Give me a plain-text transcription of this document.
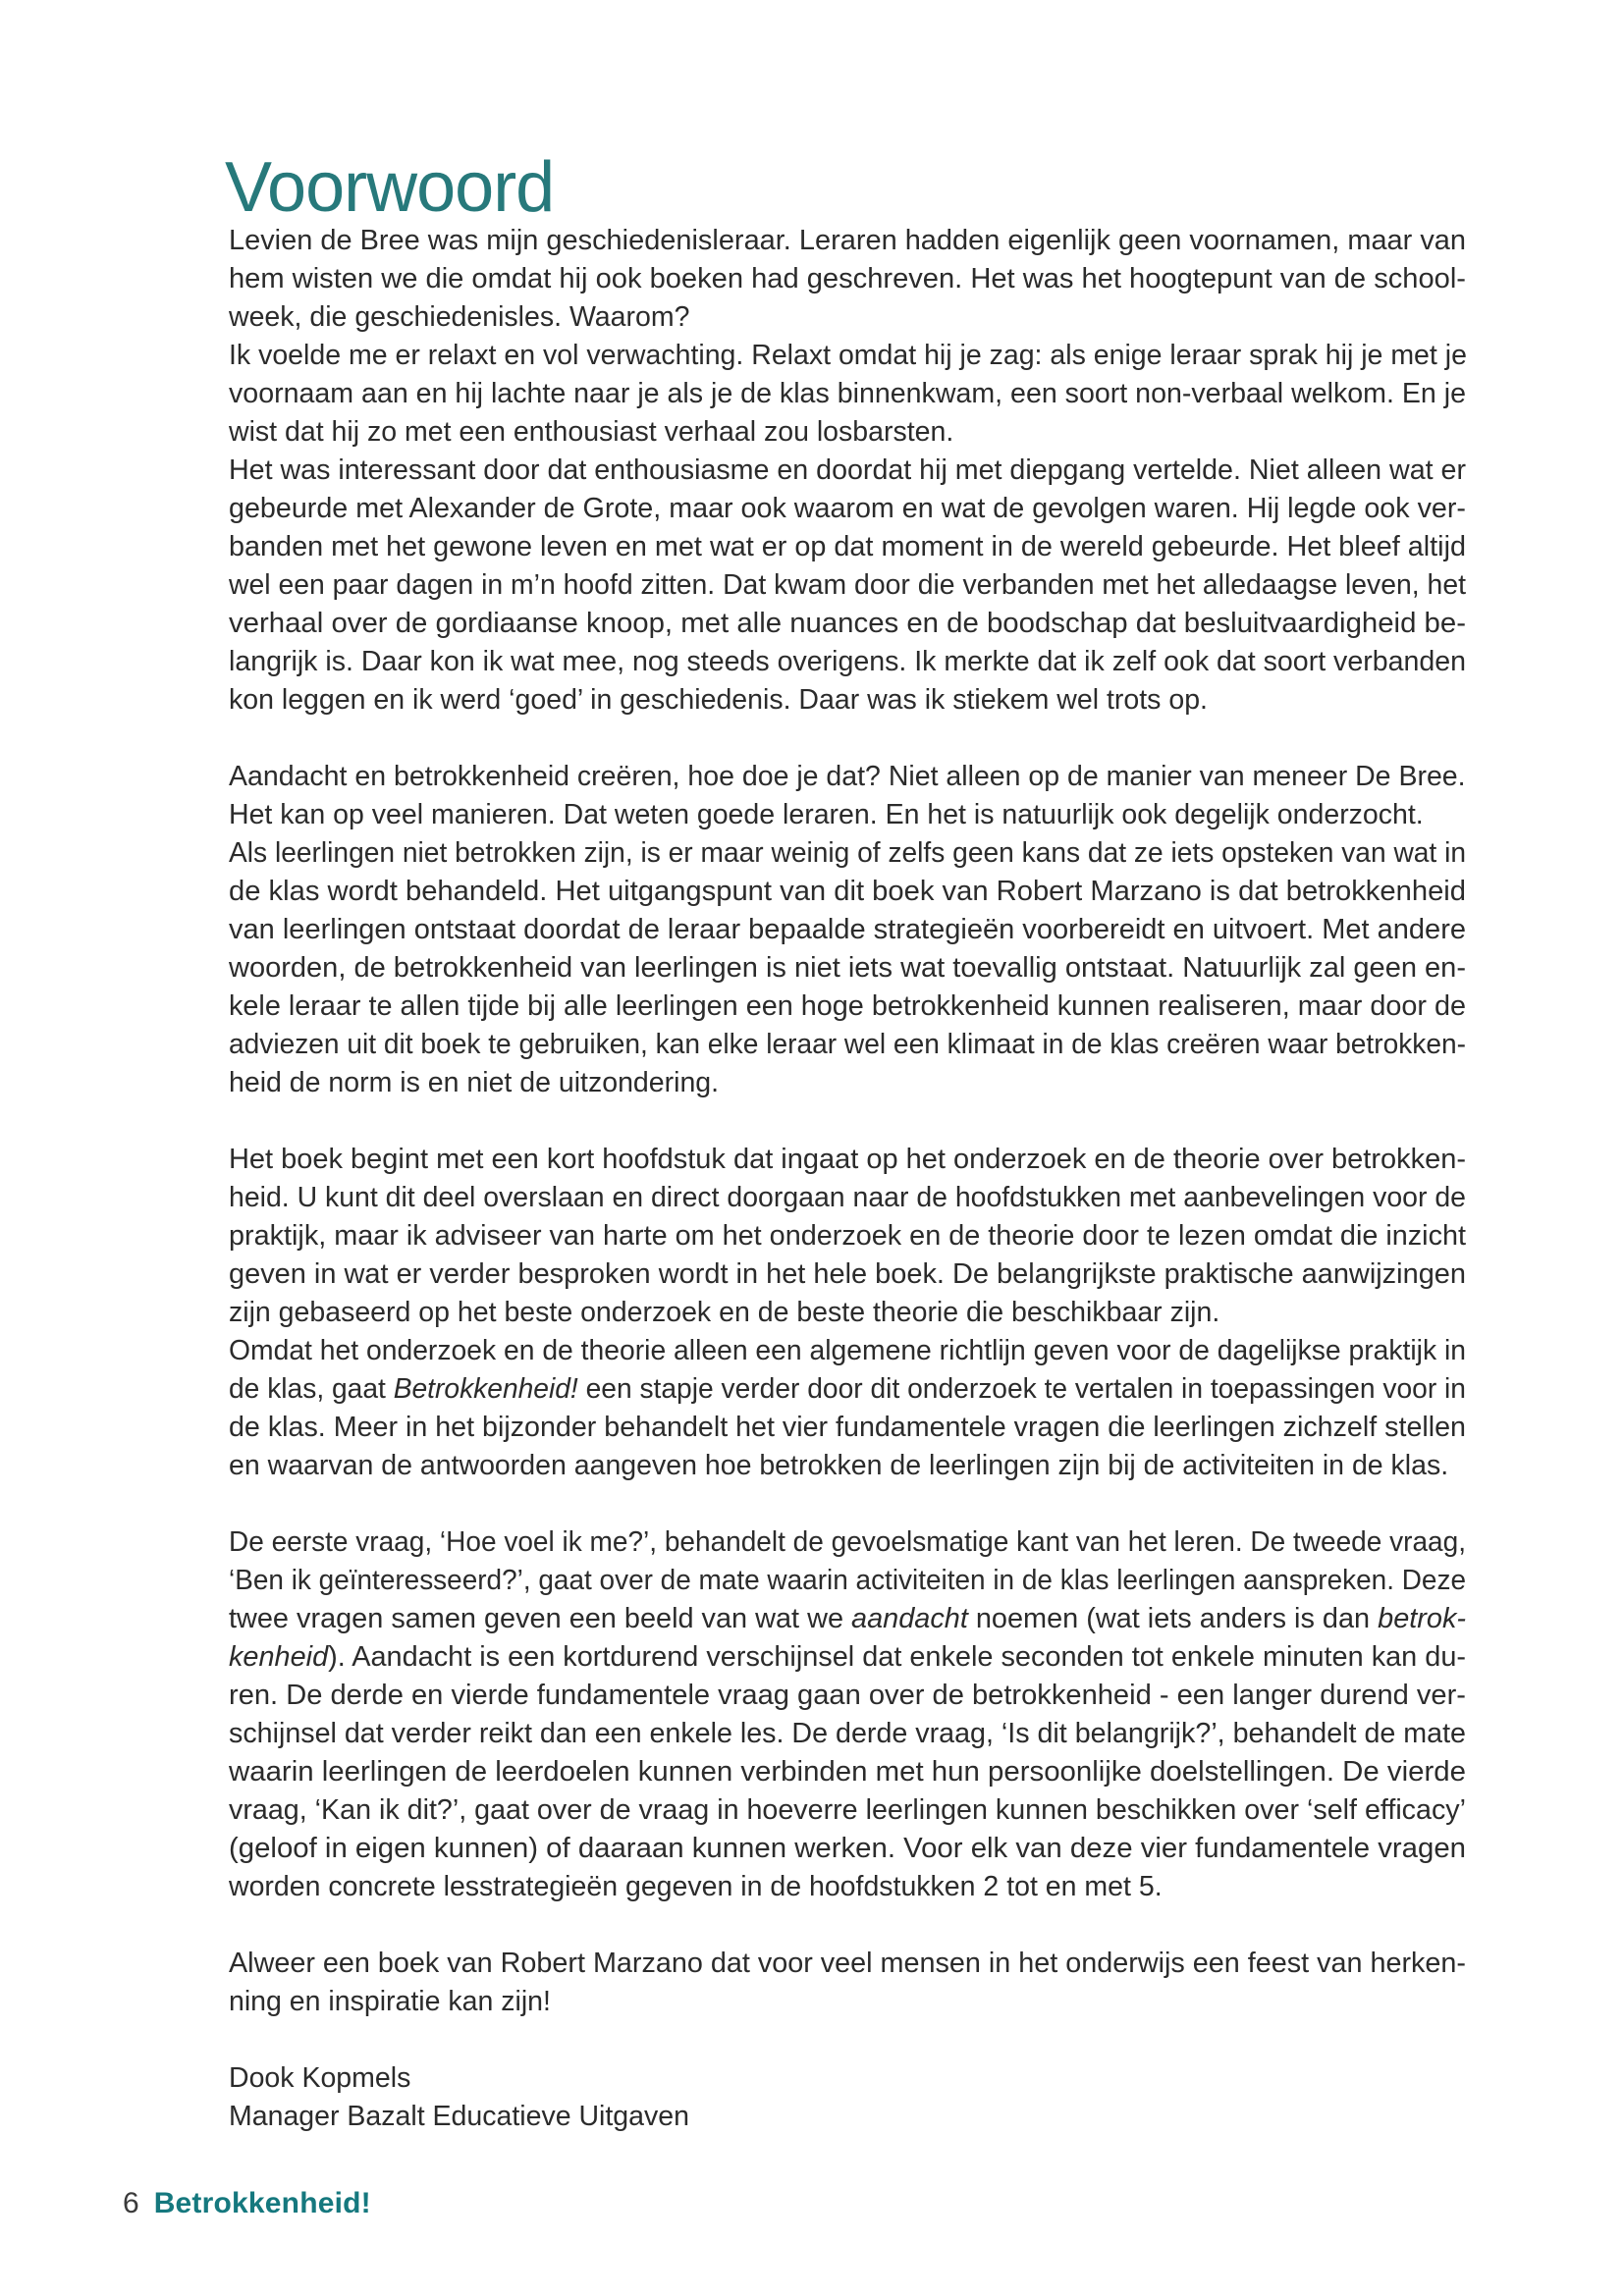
Voorwoord
Levien de Bree was mijn geschiedenisleraar. Leraren hadden eigenlijk geen voornamen, maar van
hem wisten we die omdat hij ook boeken had geschreven. Het was het hoogtepunt van de school-
week, die geschiedenisles. Waarom?
Ik voelde me er relaxt en vol verwachting. Relaxt omdat hij je zag: als enige leraar sprak hij je met je
voornaam aan en hij lachte naar je als je de klas binnenkwam, een soort non-verbaal welkom. En je
wist dat hij zo met een enthousiast verhaal zou losbarsten.
Het was interessant door dat enthousiasme en doordat hij met diepgang vertelde. Niet alleen wat er
gebeurde met Alexander de Grote, maar ook waarom en wat de gevolgen waren. Hij legde ook ver-
banden met het gewone leven en met wat er op dat moment in de wereld gebeurde. Het bleef altijd
wel een paar dagen in m’n hoofd zitten. Dat kwam door die verbanden met het alledaagse leven, het
verhaal over de gordiaanse knoop, met alle nuances en de boodschap dat besluitvaardigheid be-
langrijk is. Daar kon ik wat mee, nog steeds overigens. Ik merkte dat ik zelf ook dat soort verbanden
kon leggen en ik werd ‘goed’ in geschiedenis. Daar was ik stiekem wel trots op.
Aandacht en betrokkenheid creëren, hoe doe je dat? Niet alleen op de manier van meneer De Bree.
Het kan op veel manieren. Dat weten goede leraren. En het is natuurlijk ook degelijk onderzocht.
Als leerlingen niet betrokken zijn, is er maar weinig of zelfs geen kans dat ze iets opsteken van wat in
de klas wordt behandeld. Het uitgangspunt van dit boek van Robert Marzano is dat betrokkenheid
van leerlingen ontstaat doordat de leraar bepaalde strategieën voorbereidt en uitvoert. Met andere
woorden, de betrokkenheid van leerlingen is niet iets wat toevallig ontstaat. Natuurlijk zal geen en-
kele leraar te allen tijde bij alle leerlingen een hoge betrokkenheid kunnen realiseren, maar door de
adviezen uit dit boek te gebruiken, kan elke leraar wel een klimaat in de klas creëren waar betrokken-
heid de norm is en niet de uitzondering.
Het boek begint met een kort hoofdstuk dat ingaat op het onderzoek en de theorie over betrokken-
heid. U kunt dit deel overslaan en direct doorgaan naar de hoofdstukken met aanbevelingen voor de
praktijk, maar ik adviseer van harte om het onderzoek en de theorie door te lezen omdat die inzicht
geven in wat er verder besproken wordt in het hele boek. De belangrijkste praktische aanwijzingen
zijn gebaseerd op het beste onderzoek en de beste theorie die beschikbaar zijn.
Omdat het onderzoek en de theorie alleen een algemene richtlijn geven voor de dagelijkse praktijk in
de klas, gaat Betrokkenheid! een stapje verder door dit onderzoek te vertalen in toepassingen voor in
de klas. Meer in het bijzonder behandelt het vier fundamentele vragen die leerlingen zichzelf stellen
en waarvan de antwoorden aangeven hoe betrokken de leerlingen zijn bij de activiteiten in de klas.
De eerste vraag, ‘Hoe voel ik me?’, behandelt de gevoelsmatige kant van het leren. De tweede vraag,
‘Ben ik geïnteresseerd?’, gaat over de mate waarin activiteiten in de klas leerlingen aanspreken. Deze
twee vragen samen geven een beeld van wat we aandacht noemen (wat iets anders is dan betrok-
kenheid). Aandacht is een kortdurend verschijnsel dat enkele seconden tot enkele minuten kan du-
ren. De derde en vierde fundamentele vraag gaan over de betrokkenheid - een langer durend ver-
schijnsel dat verder reikt dan een enkele les. De derde vraag, ‘Is dit belangrijk?’, behandelt de mate
waarin leerlingen de leerdoelen kunnen verbinden met hun persoonlijke doelstellingen. De vierde
vraag, ‘Kan ik dit?’, gaat over de vraag in hoeverre leerlingen kunnen beschikken over ‘self efficacy’
(geloof in eigen kunnen) of daaraan kunnen werken. Voor elk van deze vier fundamentele vragen
worden concrete lesstrategieën gegeven in de hoofdstukken 2 tot en met 5.
Alweer een boek van Robert Marzano dat voor veel mensen in het onderwijs een feest van herken-
ning en inspiratie kan zijn!
Dook Kopmels
Manager Bazalt Educatieve Uitgaven
6 Betrokkenheid!
